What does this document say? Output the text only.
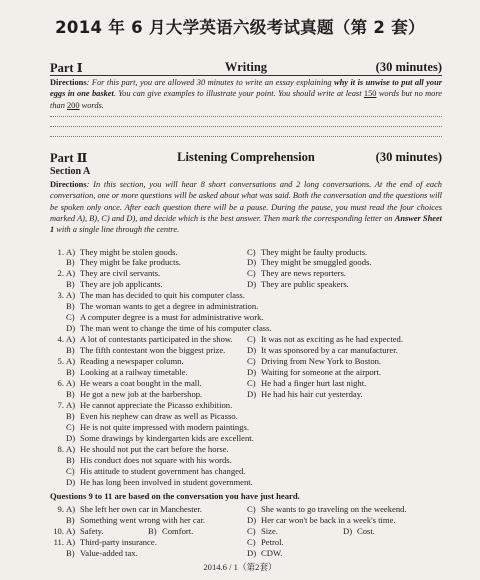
2014 年 6 月大学英语六级考试真题（第 2 套）
Part Ⅰ	Writing	(30 minutes)
Directions: For this part, you are allowed 30 minutes to write an essay explaining why it is unwise to put all your eggs in one basket. You can give examples to illustrate your point. You should write at least 150 words but no more than 200 words.
Part Ⅱ	Listening Comprehension	(30 minutes)
Section A
Directions: In this section, you will hear 8 short conversations and 2 long conversations. At the end of each conversation, one or more questions will be asked about what was said. Both the conversation and the questions will be spoken only once. After each question there will be a pause. During the pause, you must read the four choices marked A), B), C) and D), and decide which is the best answer. Then mark the corresponding letter on Answer Sheet 1 with a single line through the centre.
1. A) They might be stolen goods.	C) They might be faulty products.
B) They might be fake products.	D) They might be smuggled goods.
2. A) They are civil servants.	C) They are news reporters.
B) They are job applicants.	D) They are public speakers.
3. A) The man has decided to quit his computer class.
B) The woman wants to get a degree in administration.
C) A computer degree is a must for administrative work.
D) The man went to change the time of his computer class.
4. A) A lot of contestants participated in the show. C) It was not as exciting as he had expected.
B) The fifth contestant won the biggest prize.	D) It was sponsored by a car manufacturer.
5. A) Reading a newspaper column.	C) Driving from New York to Boston.
B) Looking at a railway timetable.	D) Waiting for someone at the airport.
6. A) He wears a coat bought in the mall.	C) He had a finger hurt last night.
B) He got a new job at the barbershop.	D) He had his hair cut yesterday.
7. A) He cannot appreciate the Picasso exhibition.
B) Even his nephew can draw as well as Picasso.
C) He is not quite impressed with modern paintings.
D) Some drawings by kindergarten kids are excellent.
8. A) He should not put the cart before the horse.
B) His conduct does not square with his words.
C) His attitude to student government has changed.
D) He has long been involved in student government.
Questions 9 to 11 are based on the conversation you have just heard.
9. A) She left her own car in Manchester.	C) She wants to go traveling on the weekend.
B) Something went wrong with her car.	D) Her car won't be back in a week's time.
10. A) Safety.	B) Comfort.	C) Size.	D) Cost.
11. A) Third-party insurance.	C) Petrol.
B) Value-added tax.	D) CDW.
2014.6 / 1（第2套）
